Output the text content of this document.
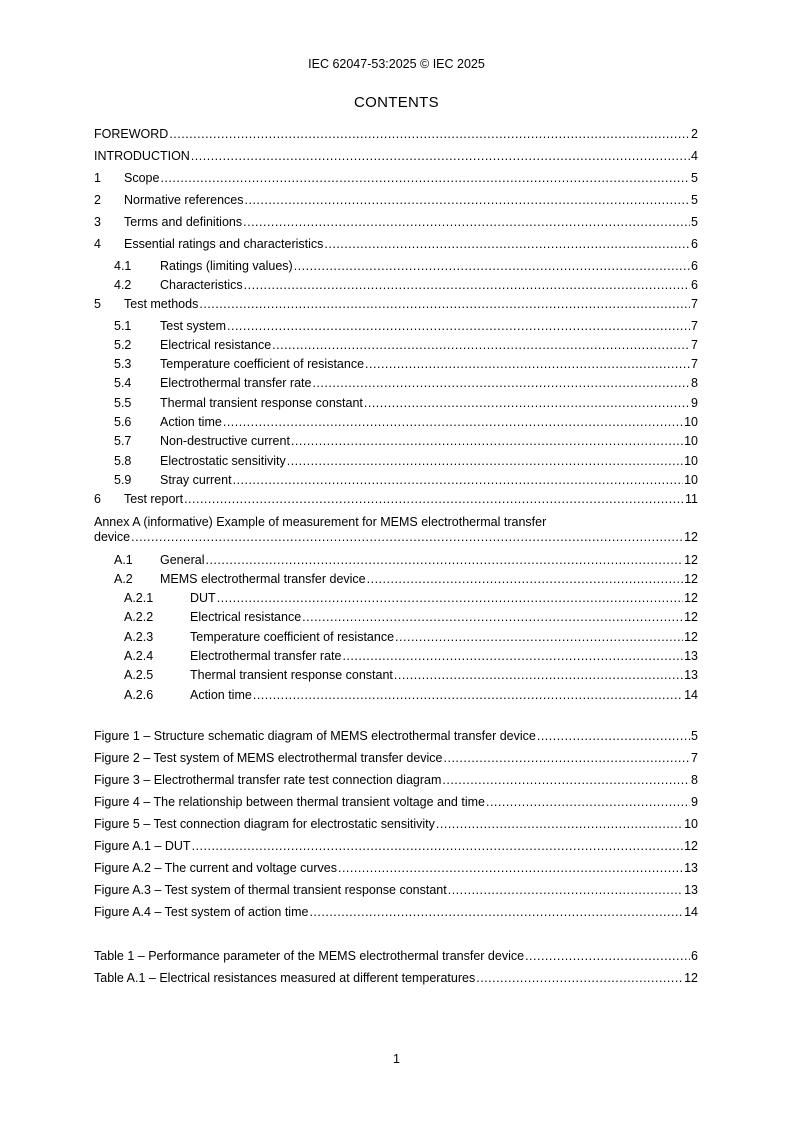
IEC 62047-53:2025 © IEC 2025
CONTENTS
FOREWORD .....	2
INTRODUCTION .....	4
1	Scope .....	5
2	Normative references .....	5
3	Terms and definitions .....	5
4	Essential ratings and characteristics .....	6
4.1	Ratings (limiting values) .....	6
4.2	Characteristics .....	6
5	Test methods .....	7
5.1	Test system .....	7
5.2	Electrical resistance .....	7
5.3	Temperature coefficient of resistance .....	7
5.4	Electrothermal transfer rate .....	8
5.5	Thermal transient response constant .....	9
5.6	Action time .....	10
5.7	Non-destructive current .....	10
5.8	Electrostatic sensitivity .....	10
5.9	Stray current .....	10
6	Test report .....	11
Annex A (informative) Example of measurement for MEMS electrothermal transfer
device .....	12
A.1	General .....	12
A.2	MEMS electrothermal transfer device .....	12
A.2.1	DUT .....	12
A.2.2	Electrical resistance .....	12
A.2.3	Temperature coefficient of resistance .....	12
A.2.4	Electrothermal transfer rate .....	13
A.2.5	Thermal transient response constant .....	13
A.2.6	Action time .....	14
Figure 1 – Structure schematic diagram of MEMS electrothermal transfer device .....	5
Figure 2 – Test system of MEMS electrothermal transfer device .....	7
Figure 3 – Electrothermal transfer rate test connection diagram .....	8
Figure 4 – The relationship between thermal transient voltage and time .....	9
Figure 5 – Test connection diagram for electrostatic sensitivity .....	10
Figure A.1 – DUT .....	12
Figure A.2 – The current and voltage curves .....	13
Figure A.3 – Test system of thermal transient response constant .....	13
Figure A.4 – Test system of action time .....	14
Table 1 – Performance parameter of the MEMS electrothermal transfer device .....	6
Table A.1 – Electrical resistances measured at different temperatures .....	12
1
